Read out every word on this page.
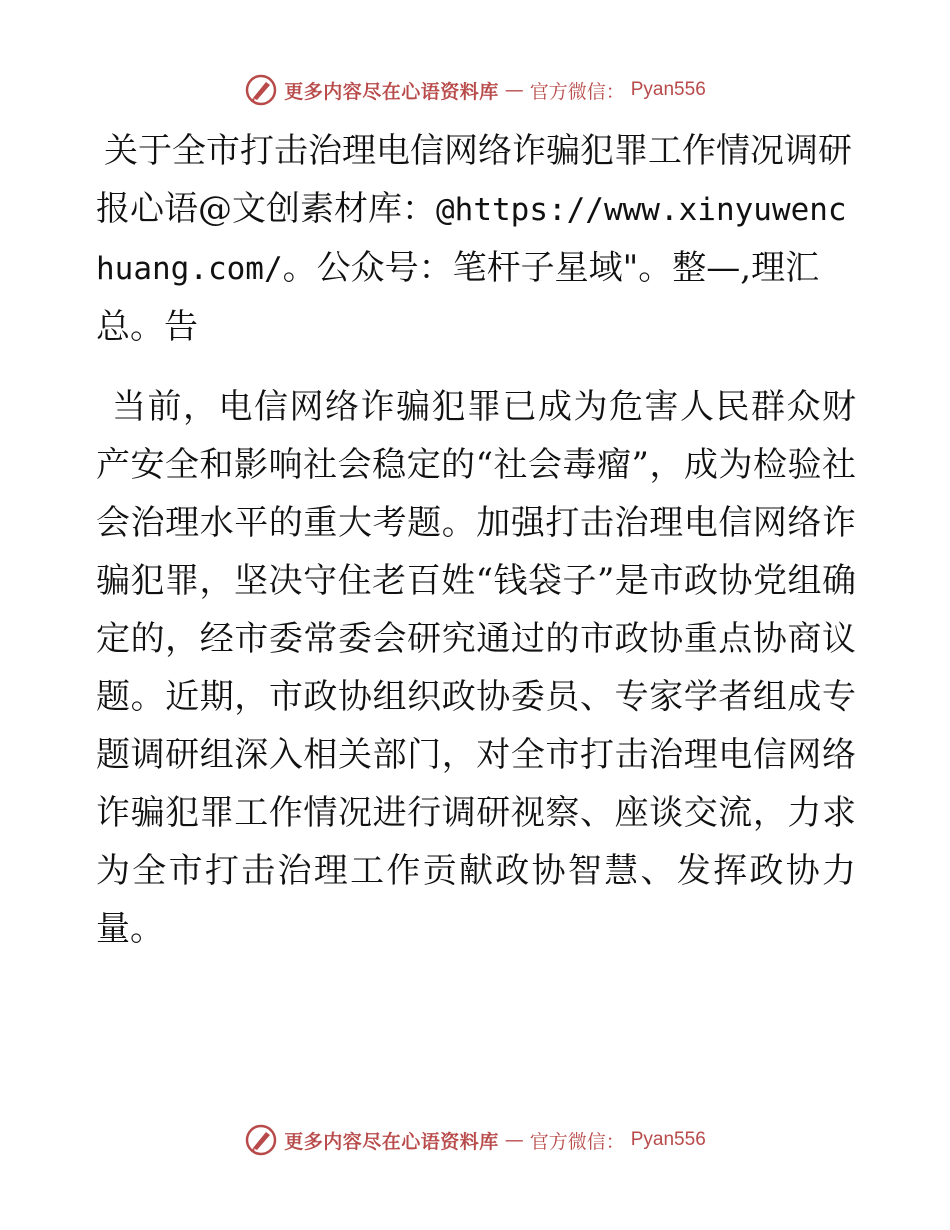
更多内容尽在心语资料库 — 官方微信： Pyan556
关于全市打击治理电信网络诈骗犯罪工作情况调研报心语@文创素材库：@https://www.xinyuwenchuang.com/。公众号：笔杆子星域"。整—,理汇总。告

当前，电信网络诈骗犯罪已成为危害人民群众财产安全和影响社会稳定的“社会毒瘤”，成为检验社会治理水平的重大考题。加强打击治理电信网络诈骗犯罪，坚决守住老百姓“钱袋子”是市政协党组确定的，经市委常委会研究通过的市政协重点协商议题。近期，市政协组织政协委员、专家学者组成专题调研组深入相关部门，对全市打击治理电信网络诈骗犯罪工作情况进行调研视察、座谈交流，力求为全市打击治理工作贡献政协智慧、发挥政协力量。

更多内容尽在心语资料库 — 官方微信： Pyan556
